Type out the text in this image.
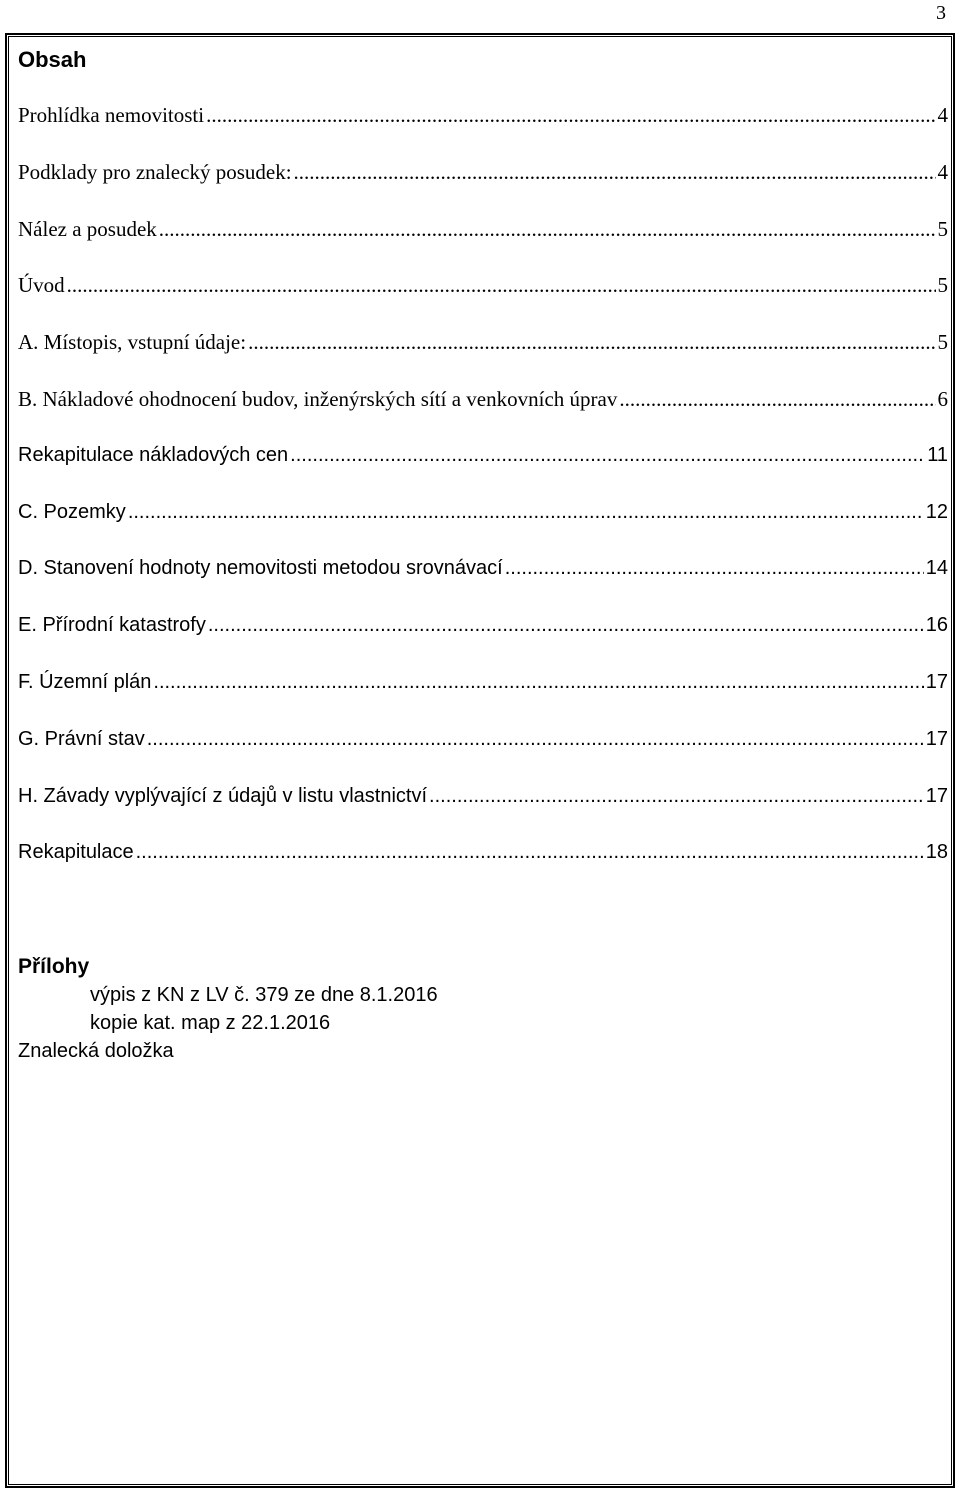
3
Obsah
Prohlídka nemovitosti .....	4
Podklady pro znalecký posudek: .....	4
Nález a posudek .....	5
Úvod .....	5
A. Místopis, vstupní údaje: .....	5
B. Nákladové ohodnocení budov, inženýrských sítí a venkovních úprav .....	6
Rekapitulace nákladových cen .....	11
C. Pozemky .....	12
D. Stanovení hodnoty nemovitosti metodou srovnávací .....	14
E. Přírodní katastrofy .....	16
F. Územní plán .....	17
G. Právní stav .....	17
H. Závady vyplývající z údajů v listu vlastnictví .....	17
Rekapitulace .....	18
Přílohy
výpis z KN z LV č. 379 ze dne 8.1.2016
kopie kat. map z 22.1.2016
Znalecká doložka
